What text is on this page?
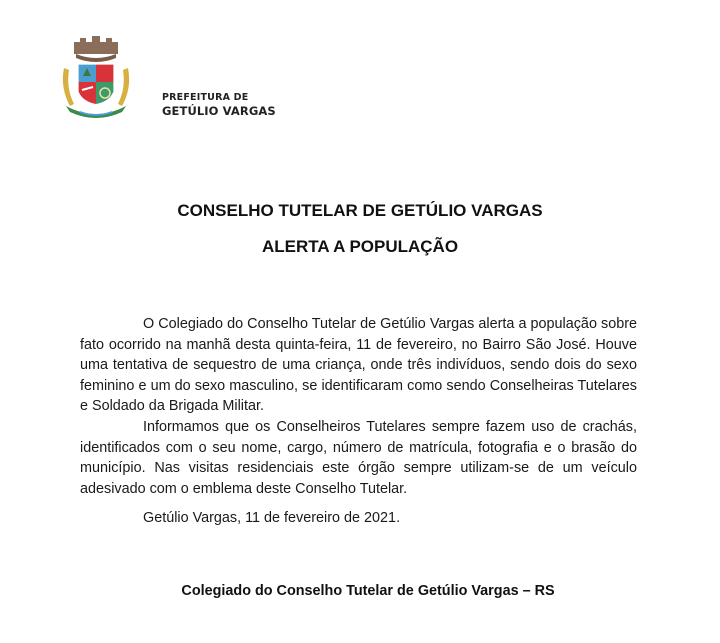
PREFEITURA DE
GETÚLIO VARGAS
CONSELHO TUTELAR DE GETÚLIO VARGAS
ALERTA A POPULAÇÃO

O Colegiado do Conselho Tutelar de Getúlio Vargas alerta a população sobre fato ocorrido na manhã desta quinta-feira, 11 de fevereiro, no Bairro São José. Houve uma tentativa de sequestro de uma criança, onde três indivíduos, sendo dois do sexo feminino e um do sexo masculino, se identificaram como sendo Conselheiras Tutelares e Soldado da Brigada Militar.

Informamos que os Conselheiros Tutelares sempre fazem uso de crachás, identificados com o seu nome, cargo, número de matrícula, fotografia e o brasão do município. Nas visitas residenciais este órgão sempre utilizam-se de um veículo adesivado com o emblema deste Conselho Tutelar.

Getúlio Vargas, 11 de fevereiro de 2021.
Colegiado do Conselho Tutelar de Getúlio Vargas – RS
